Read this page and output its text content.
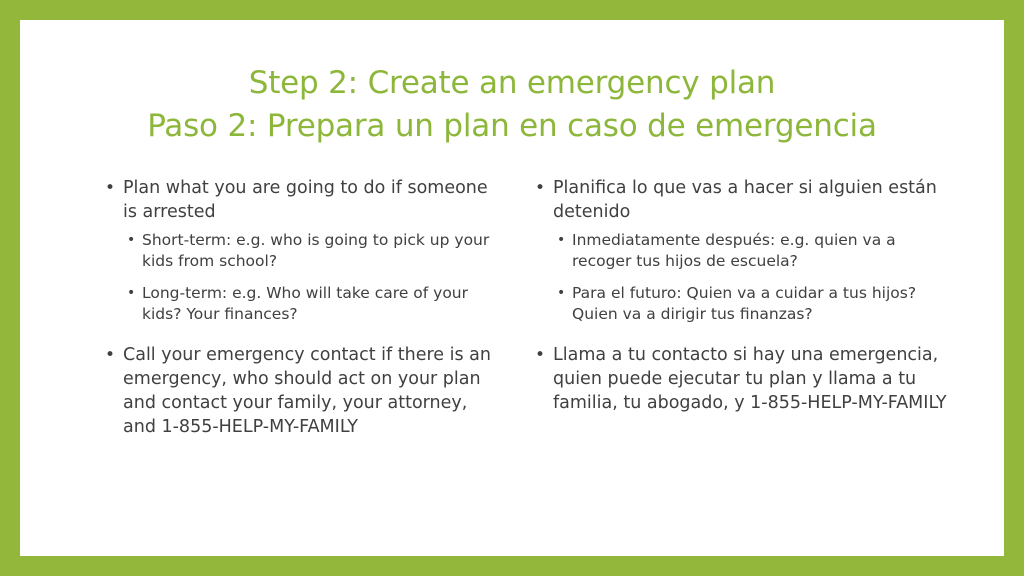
Step 2: Create an emergency plan
Paso 2: Prepara un plan en caso de emergencia
• Plan what you are going to do if someone is arrested
• Short-term: e.g. who is going to pick up your kids from school?
• Long-term: e.g. Who will take care of your kids? Your finances?
• Call your emergency contact if there is an emergency, who should act on your plan and contact your family, your attorney, and 1-855-HELP-MY-FAMILY
• Planifica lo que vas a hacer si alguien están detenido
• Inmediatamente después: e.g. quien va a recoger tus hijos de escuela?
• Para el futuro: Quien va a cuidar a tus hijos? Quien va a dirigir tus finanzas?
• Llama a tu contacto si hay una emergencia, quien puede ejecutar tu plan y llama a tu familia, tu abogado, y 1-855-HELP-MY-FAMILY
